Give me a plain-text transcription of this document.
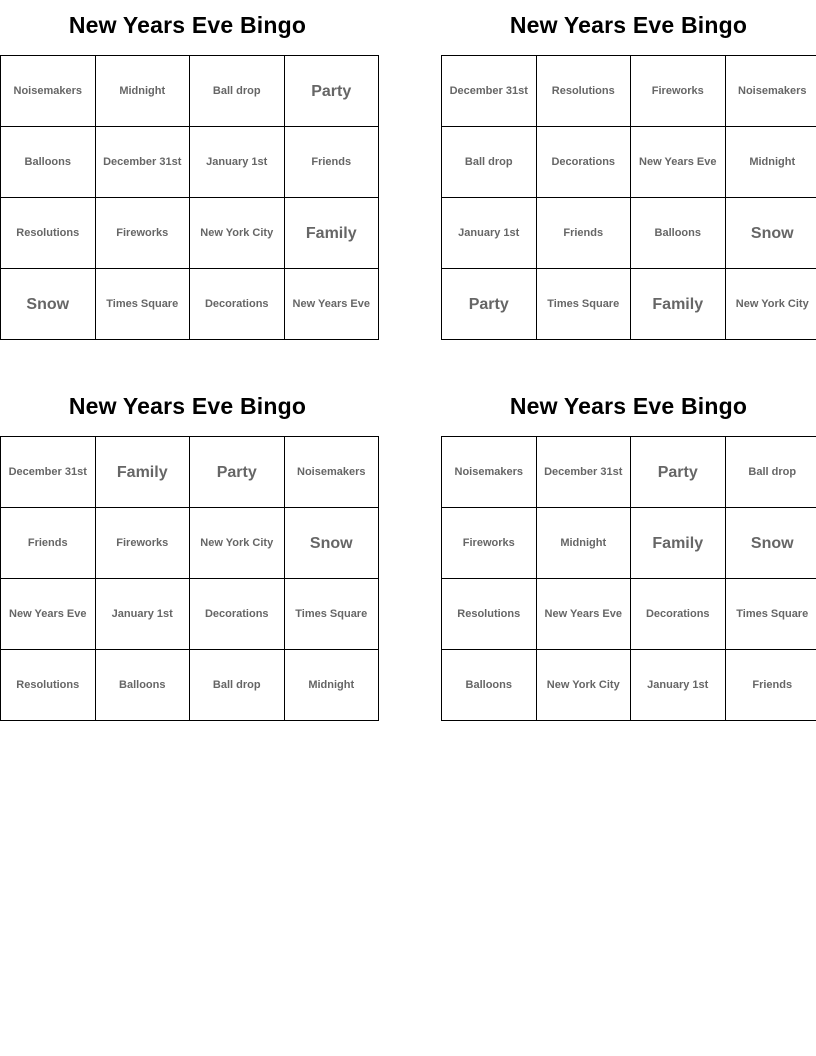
New Years Eve Bingo
Noisemakers	Midnight	Ball drop	Party
Balloons	December 31st	January 1st	Friends
Resolutions	Fireworks	New York City	Family
Snow	Times Square	Decorations	New Years Eve
New Years Eve Bingo
December 31st	Resolutions	Fireworks	Noisemakers
Ball drop	Decorations	New Years Eve	Midnight
January 1st	Friends	Balloons	Snow
Party	Times Square	Family	New York City
New Years Eve Bingo
December 31st	Family	Party	Noisemakers
Friends	Fireworks	New York City	Snow
New Years Eve	January 1st	Decorations	Times Square
Resolutions	Balloons	Ball drop	Midnight
New Years Eve Bingo
Noisemakers	December 31st	Party	Ball drop
Fireworks	Midnight	Family	Snow
Resolutions	New Years Eve	Decorations	Times Square
Balloons	New York City	January 1st	Friends
